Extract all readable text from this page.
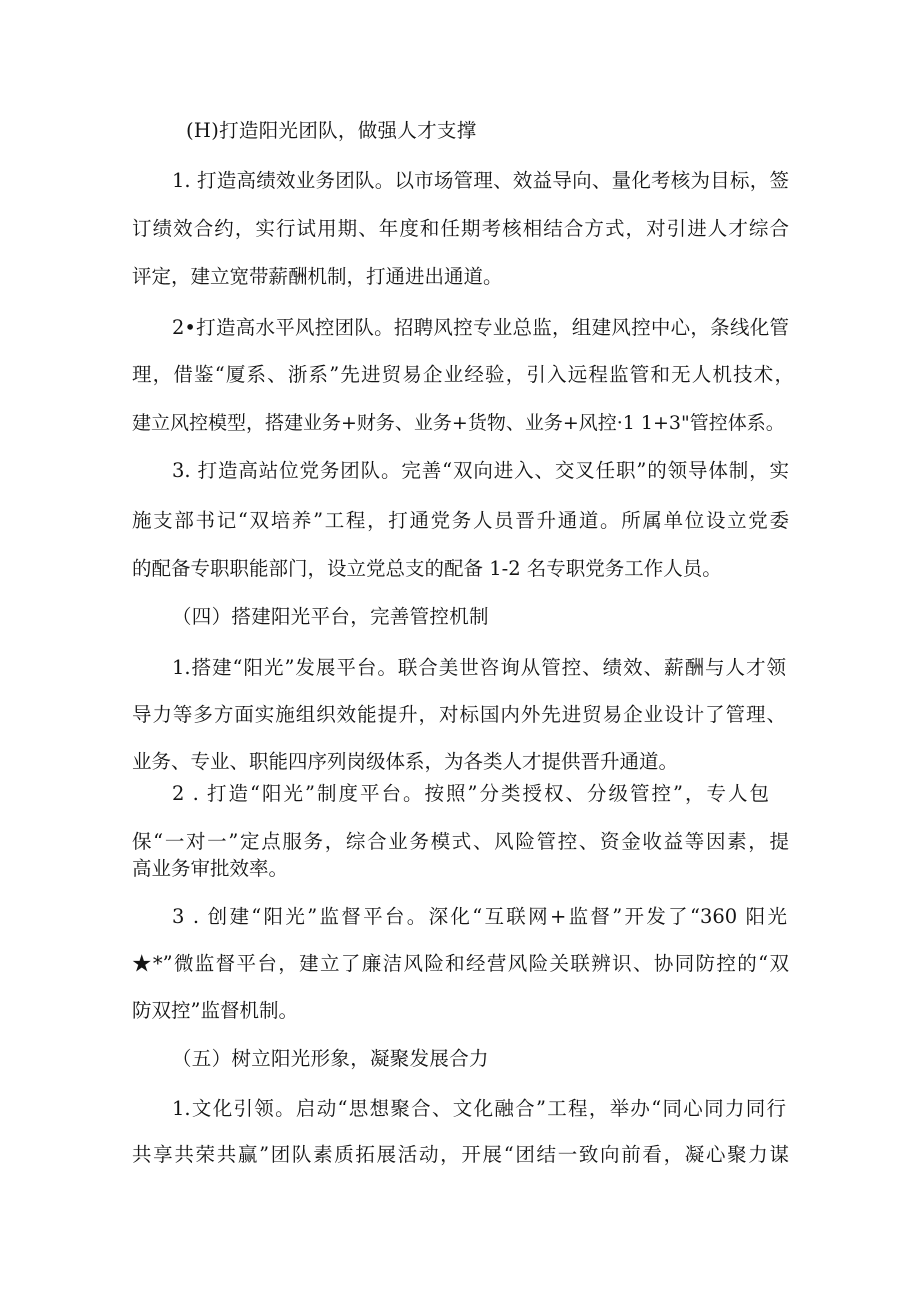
(H)打造阳光团队，做强人才支撑
1. 打造高绩效业务团队。以市场管理、效益导向、量化考核为目标，签
订绩效合约，实行试用期、年度和任期考核相结合方式，对引进人才综合
评定，建立宽带薪酬机制，打通进出通道。
2•打造高水平风控团队。招聘风控专业总监，组建风控中心，条线化管
理，借鉴“厦系、浙系”先进贸易企业经验，引入远程监管和无人机技术，
建立风控模型，搭建业务+财务、业务+货物、业务+风控·1 1+3"管控体系。
3. 打造高站位党务团队。完善“双向进入、交叉任职”的领导体制，实
施支部书记“双培养”工程，打通党务人员晋升通道。所属单位设立党委
的配备专职职能部门，设立党总支的配备 1-2 名专职党务工作人员。
（四）搭建阳光平台，完善管控机制
1.搭建“阳光”发展平台。联合美世咨询从管控、绩效、薪酬与人才领
导力等多方面实施组织效能提升，对标国内外先进贸易企业设计了管理、
业务、专业、职能四序列岗级体系，为各类人才提供晋升通道。
2 . 打造“阳光”制度平台。按照”分类授权、分级管控”，专人包
保“一对一”定点服务，综合业务模式、风险管控、资金收益等因素，提
高业务审批效率。
3 . 创建“阳光”监督平台。深化“互联网+监督”开发了“360 阳光
★*”微监督平台，建立了廉洁风险和经营风险关联辨识、协同防控的“双
防双控”监督机制。
（五）树立阳光形象，凝聚发展合力
1.文化引领。启动“思想聚合、文化融合”工程，举办“同心同力同行
共享共荣共赢”团队素质拓展活动，开展“团结一致向前看，凝心聚力谋
